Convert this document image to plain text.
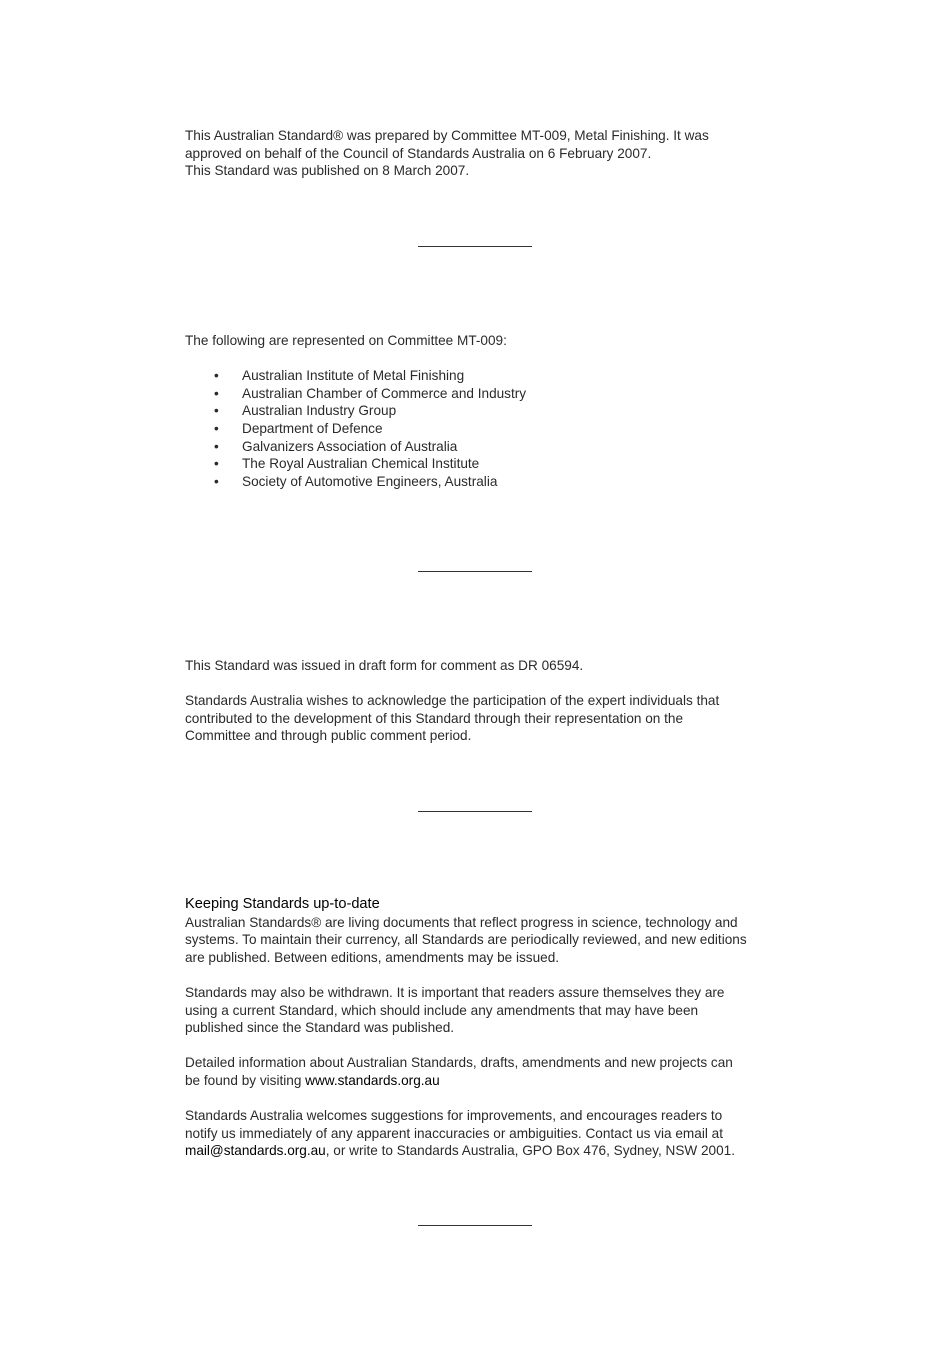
This Australian Standard® was prepared by Committee MT-009, Metal Finishing. It was

approved on behalf of the Council of Standards Australia on 6 February 2007.

This Standard was published on 8 March 2007.

The following are represented on Committee MT-009:

• Australian Institute of Metal Finishing
• Australian Chamber of Commerce and Industry
• Australian Industry Group
• Department of Defence
• Galvanizers Association of Australia
• The Royal Australian Chemical Institute
• Society of Automotive Engineers, Australia

This Standard was issued in draft form for comment as DR 06594.

Standards Australia wishes to acknowledge the participation of the expert individuals that

contributed to the development of this Standard through their representation on the

Committee and through public comment period.

Keeping Standards up-to-date

Australian Standards® are living documents that reflect progress in science, technology and

systems. To maintain their currency, all Standards are periodically reviewed, and new editions

are published. Between editions, amendments may be issued.

Standards may also be withdrawn. It is important that readers assure themselves they are

using a current Standard, which should include any amendments that may have been

published since the Standard was published.

Detailed information about Australian Standards, drafts, amendments and new projects can

be found by visiting www.standards.org.au

Standards Australia welcomes suggestions for improvements, and encourages readers to

notify us immediately of any apparent inaccuracies or ambiguities. Contact us via email at

mail@standards.org.au, or write to Standards Australia, GPO Box 476, Sydney, NSW 2001.
